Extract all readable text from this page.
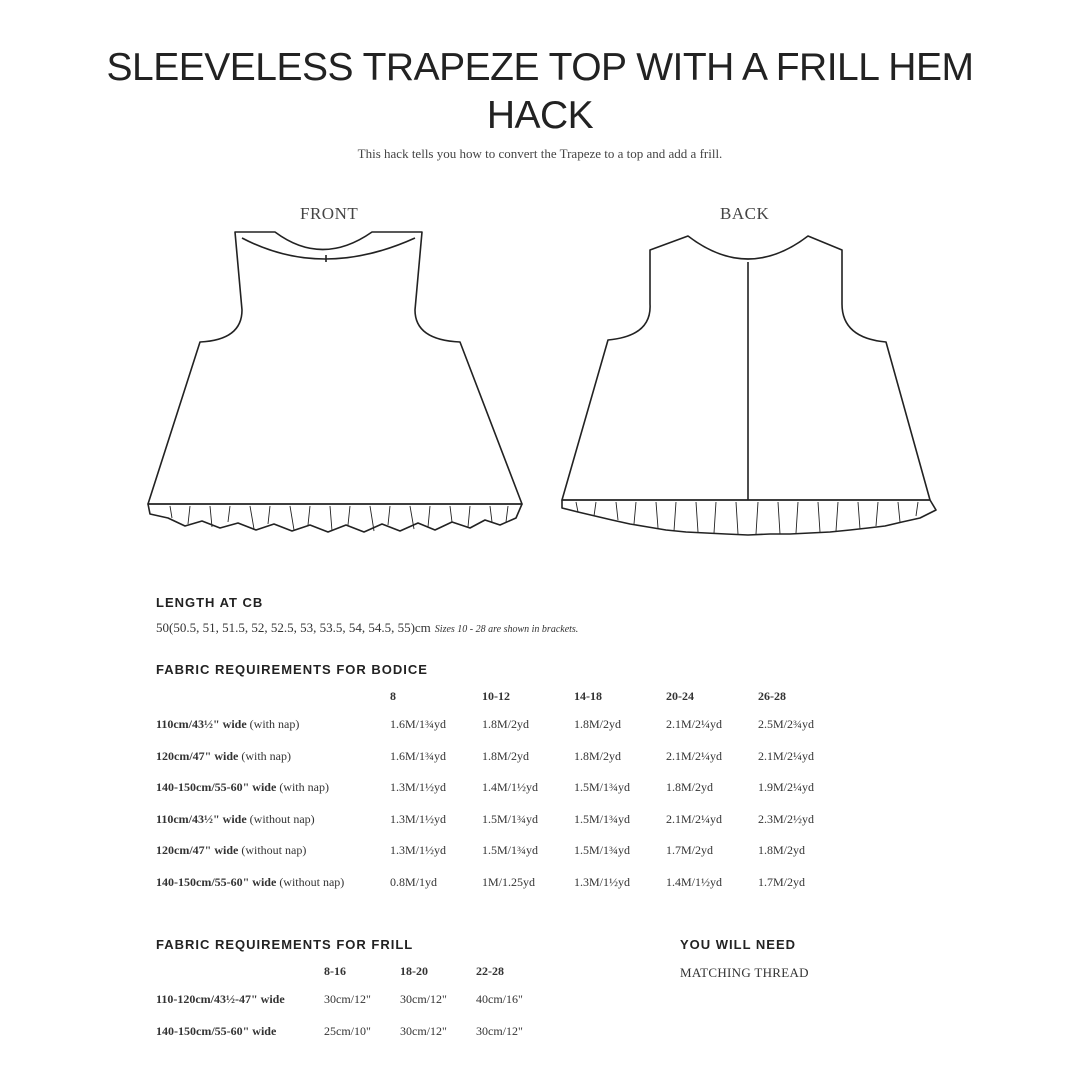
SLEEVELESS TRAPEZE TOP WITH A FRILL HEM HACK
This hack tells you how to convert the Trapeze to a top and add a frill.
FRONT	BACK
LENGTH AT CB
50(50.5, 51, 51.5, 52, 52.5, 53, 53.5, 54, 54.5, 55)cm Sizes 10 - 28 are shown in brackets.
FABRIC REQUIREMENTS FOR BODICE
	8	10-12	14-18	20-24	26-28
110cm/43½" wide (with nap)	1.6M/1¾yd	1.8M/2yd	1.8M/2yd	2.1M/2¼yd	2.5M/2¾yd
120cm/47" wide (with nap)	1.6M/1¾yd	1.8M/2yd	1.8M/2yd	2.1M/2¼yd	2.1M/2¼yd
140-150cm/55-60" wide (with nap)	1.3M/1½yd	1.4M/1½yd	1.5M/1¾yd	1.8M/2yd	1.9M/2¼yd
110cm/43½" wide (without nap)	1.3M/1½yd	1.5M/1¾yd	1.5M/1¾yd	2.1M/2¼yd	2.3M/2½yd
120cm/47" wide (without nap)	1.3M/1½yd	1.5M/1¾yd	1.5M/1¾yd	1.7M/2yd	1.8M/2yd
140-150cm/55-60" wide (without nap)	0.8M/1yd	1M/1.25yd	1.3M/1½yd	1.4M/1½yd	1.7M/2yd
FABRIC REQUIREMENTS FOR FRILL
	8-16	18-20	22-28
110-120cm/43½-47" wide	30cm/12"	30cm/12"	40cm/16"
140-150cm/55-60" wide	25cm/10"	30cm/12"	30cm/12"
YOU WILL NEED
MATCHING THREAD
